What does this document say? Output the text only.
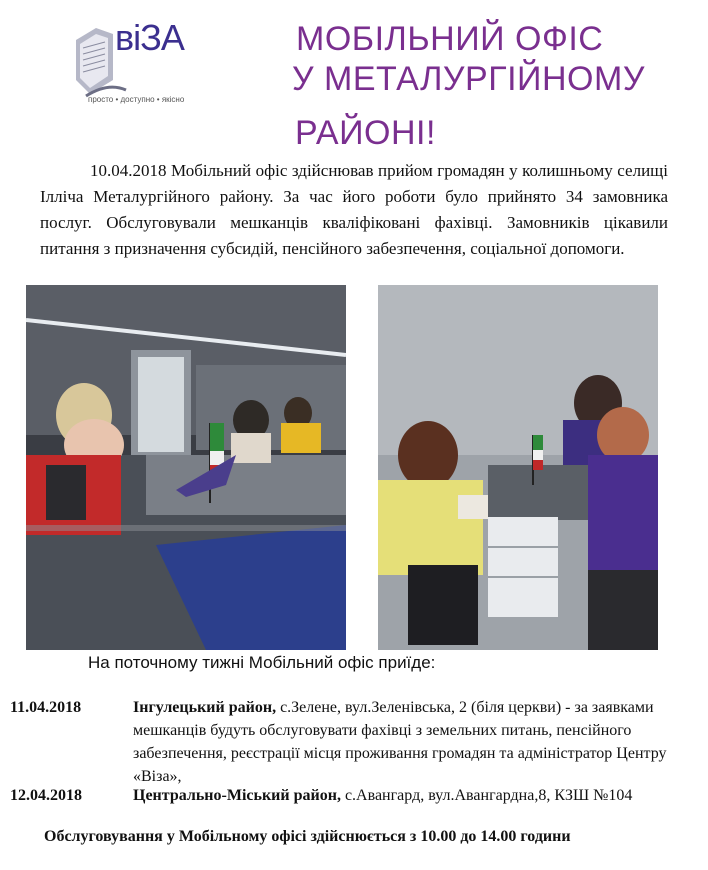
віЗА
просто • доступно • якісно
МОБІЛЬНИЙ ОФІС
У МЕТАЛУРГІЙНОМУ
РАЙОНІ!
10.04.2018 Мобільний офіс здійснював прийом громадян у колишньому селищі Ілліча Металургійного району. За час його роботи було прийнято 34 замовника послуг. Обслуговували мешканців кваліфіковані фахівці. Замовників цікавили питання з призначення субсидій, пенсійного забезпечення, соціальної допомоги.
На поточному тижні Мобільний офіс приїде:
11.04.2018	Інгулецький район, с.Зелене, вул.Зеленівська, 2 (біля церкви) - за заявками мешканців будуть обслуговувати фахівці з земельних питань, пенсійного забезпечення, реєстрації місця проживання громадян та адміністратор Центру «Віза»,
12.04.2018	Центрально-Міський район, с.Авангард, вул.Авангардна,8, КЗШ №104
Обслуговування у Мобільному офісі здійснюється з 10.00 до 14.00 години
